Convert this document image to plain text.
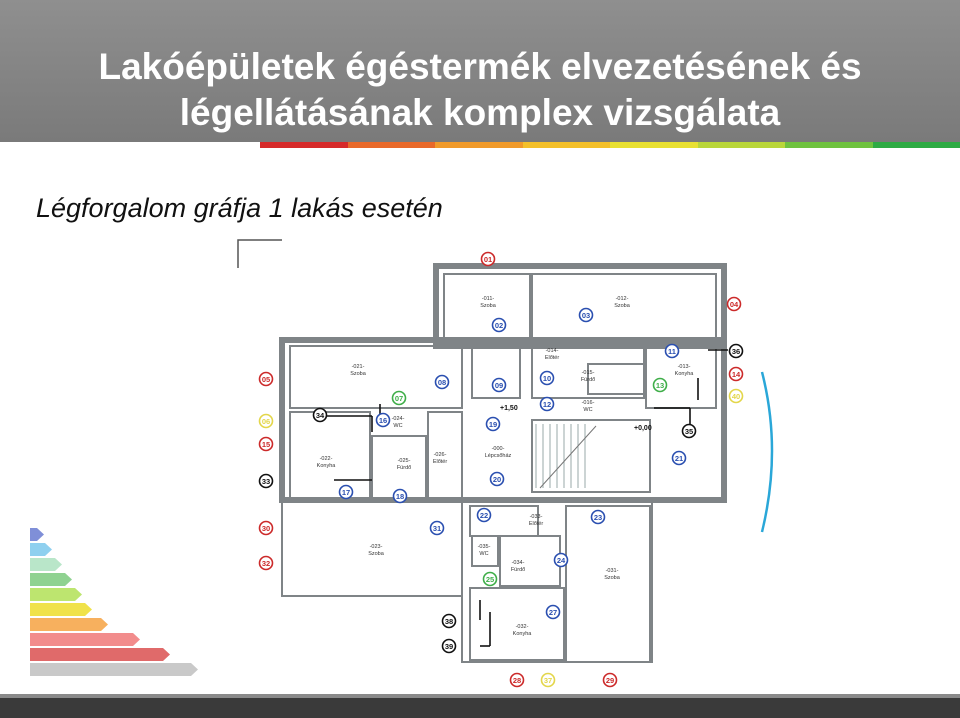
Lakóépületek égéstermék elvezetésének és
légellátásának komplex vizsgálata
Légforgalom gráfja 1 lakás esetén
-011-
Szoba
-012-
Szoba
-013-
Konyha
-014-
Előtér
-015-
Fürdő
-016-
WC
-021-
Szoba
-022-
Konyha
-023-
Szoba
-024-
WC
-025-
Fürdő
-026-
Előtér
-000-
Lépcsőház
-033-
Előtér
-034-
Fürdő
-035-
WC
-031-
Szoba
-032-
Konyha
+1,50
+0,00
01
02
03
04
05
06
07
08	09
10
11
12
13
14
15
16
17	18
19
20
21
22	23
24
25
27
28	29
30	31
32
33
34
35
36
37
38
39
40
